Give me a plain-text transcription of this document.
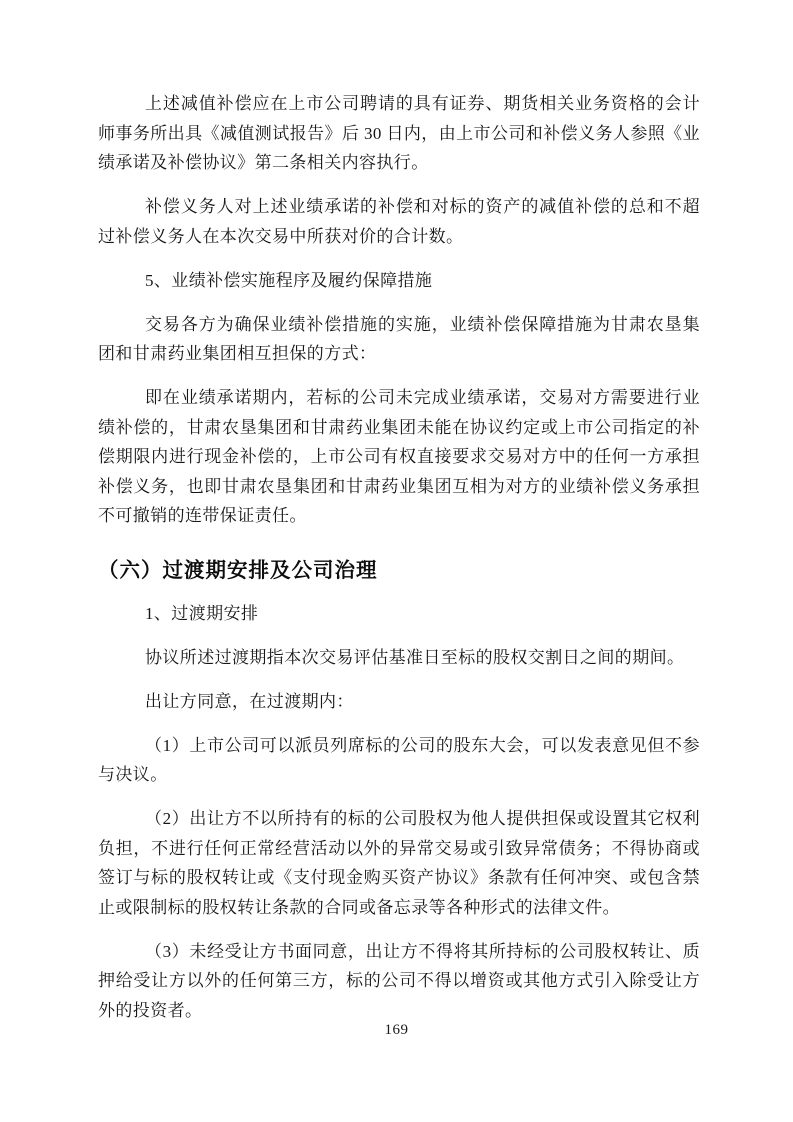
上述减值补偿应在上市公司聘请的具有证券、期货相关业务资格的会计师事务所出具《减值测试报告》后 30 日内，由上市公司和补偿义务人参照《业绩承诺及补偿协议》第二条相关内容执行。

补偿义务人对上述业绩承诺的补偿和对标的资产的减值补偿的总和不超过补偿义务人在本次交易中所获对价的合计数。

5、业绩补偿实施程序及履约保障措施

交易各方为确保业绩补偿措施的实施，业绩补偿保障措施为甘肃农垦集团和甘肃药业集团相互担保的方式：

即在业绩承诺期内，若标的公司未完成业绩承诺，交易对方需要进行业绩补偿的，甘肃农垦集团和甘肃药业集团未能在协议约定或上市公司指定的补偿期限内进行现金补偿的，上市公司有权直接要求交易对方中的任何一方承担补偿义务，也即甘肃农垦集团和甘肃药业集团互相为对方的业绩补偿义务承担不可撤销的连带保证责任。

（六）过渡期安排及公司治理

1、过渡期安排

协议所述过渡期指本次交易评估基准日至标的股权交割日之间的期间。

出让方同意，在过渡期内：

（1）上市公司可以派员列席标的公司的股东大会，可以发表意见但不参与决议。

（2）出让方不以所持有的标的公司股权为他人提供担保或设置其它权利负担，不进行任何正常经营活动以外的异常交易或引致异常债务；不得协商或签订与标的股权转让或《支付现金购买资产协议》条款有任何冲突、或包含禁止或限制标的股权转让条款的合同或备忘录等各种形式的法律文件。

（3）未经受让方书面同意，出让方不得将其所持标的公司股权转让、质押给受让方以外的任何第三方，标的公司不得以增资或其他方式引入除受让方外的投资者。

169
